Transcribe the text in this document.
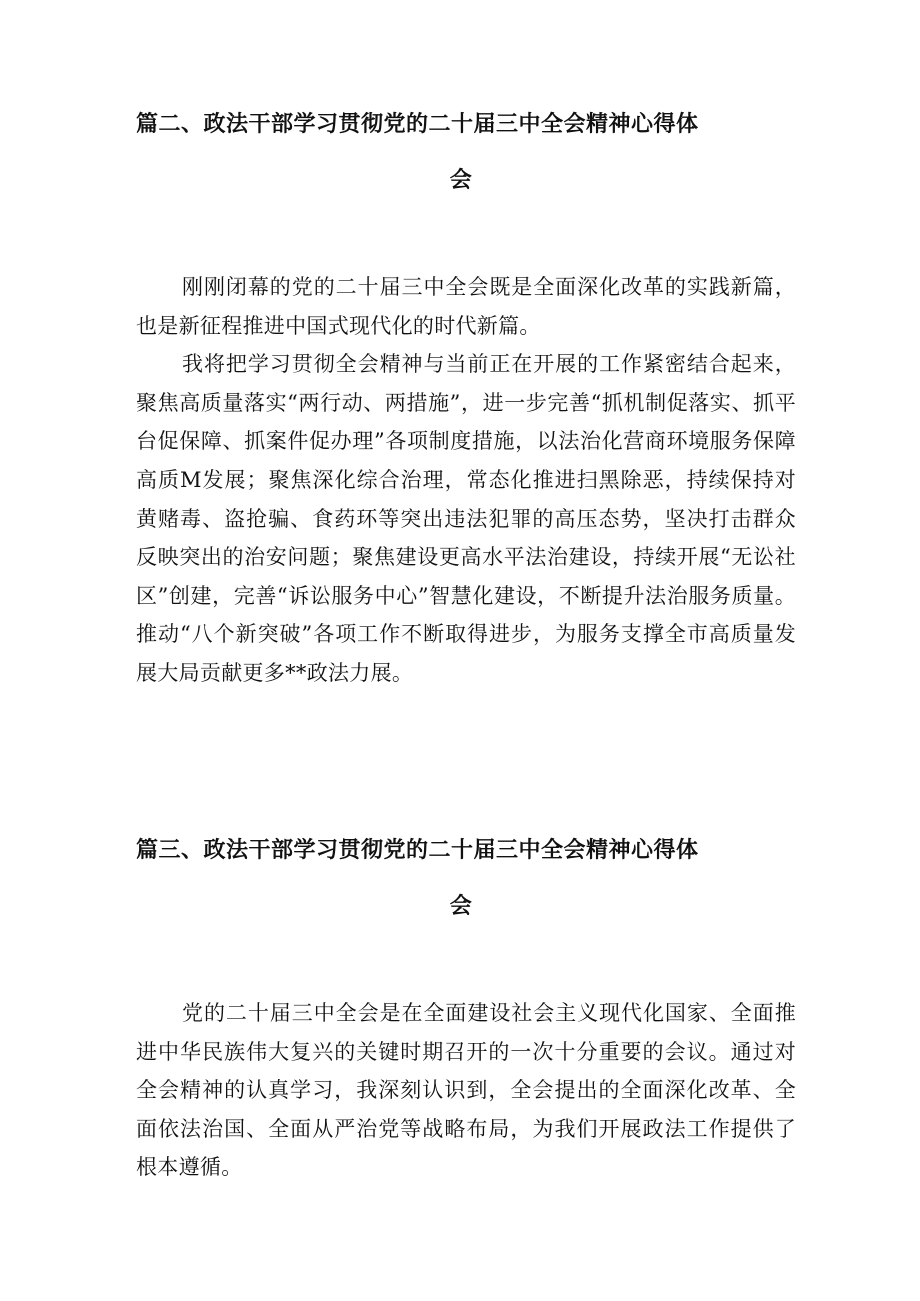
篇二、政法干部学习贯彻党的二十届三中全会精神心得体
会

刚刚闭幕的党的二十届三中全会既是全面深化改革的实践新篇，也是新征程推进中国式现代化的时代新篇。

我将把学习贯彻全会精神与当前正在开展的工作紧密结合起来，聚焦高质量落实“两行动、两措施”，进一步完善“抓机制促落实、抓平台促保障、抓案件促办理”各项制度措施，以法治化营商环境服务保障高质M发展；聚焦深化综合治理，常态化推进扫黑除恶，持续保持对黄赌毒、盗抢骗、食药环等突出违法犯罪的高压态势，坚决打击群众反映突出的治安问题；聚焦建设更高水平法治建设，持续开展“无讼社区”创建，完善“诉讼服务中心”智慧化建设，不断提升法治服务质量。推动“八个新突破”各项工作不断取得进步，为服务支撑全市高质量发展大局贡献更多**政法力展。

篇三、政法干部学习贯彻党的二十届三中全会精神心得体
会

党的二十届三中全会是在全面建设社会主义现代化国家、全面推进中华民族伟大复兴的关键时期召开的一次十分重要的会议。通过对全会精神的认真学习，我深刻认识到，全会提出的全面深化改革、全面依法治国、全面从严治党等战略布局，为我们开展政法工作提供了根本遵循。
